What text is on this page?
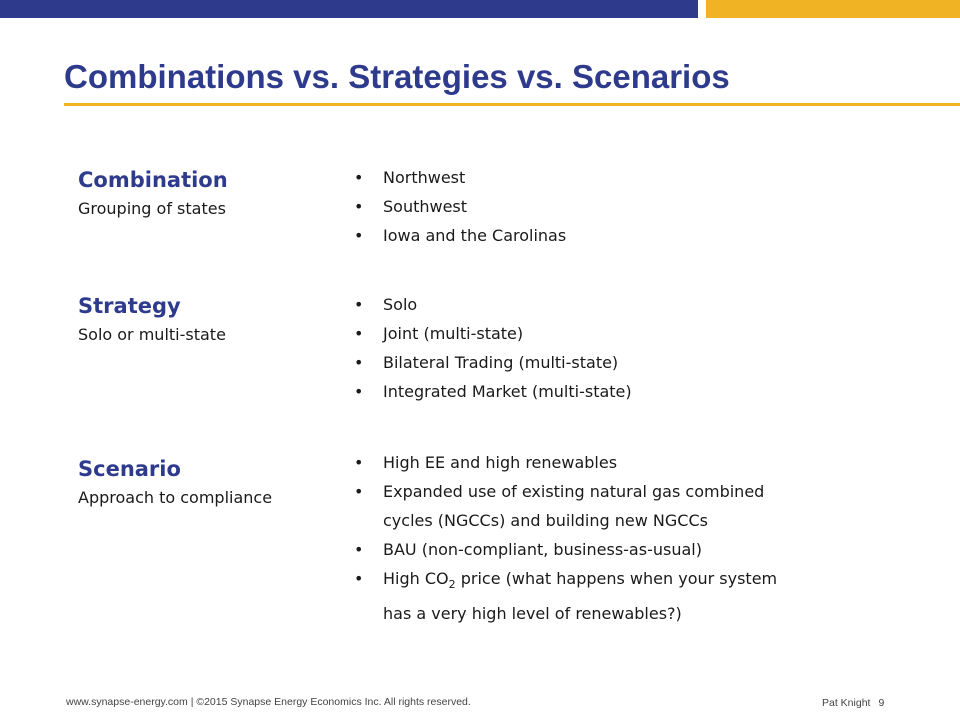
Combinations vs. Strategies vs. Scenarios
Combination
Grouping of states
• Northwest
• Southwest
• Iowa and the Carolinas
Strategy
Solo or multi-state
• Solo
• Joint (multi-state)
• Bilateral Trading (multi-state)
• Integrated Market (multi-state)
Scenario
Approach to compliance
• High EE and high renewables
• Expanded use of existing natural gas combined
cycles (NGCCs) and building new NGCCs
• BAU (non-compliant, business-as-usual)
• High $CO_2$ price (what happens when your system
has a very high level of renewables?)
www.synapse-energy.com | ©2015 Synapse Energy Economics Inc. All rights reserved.	Pat Knight 9
